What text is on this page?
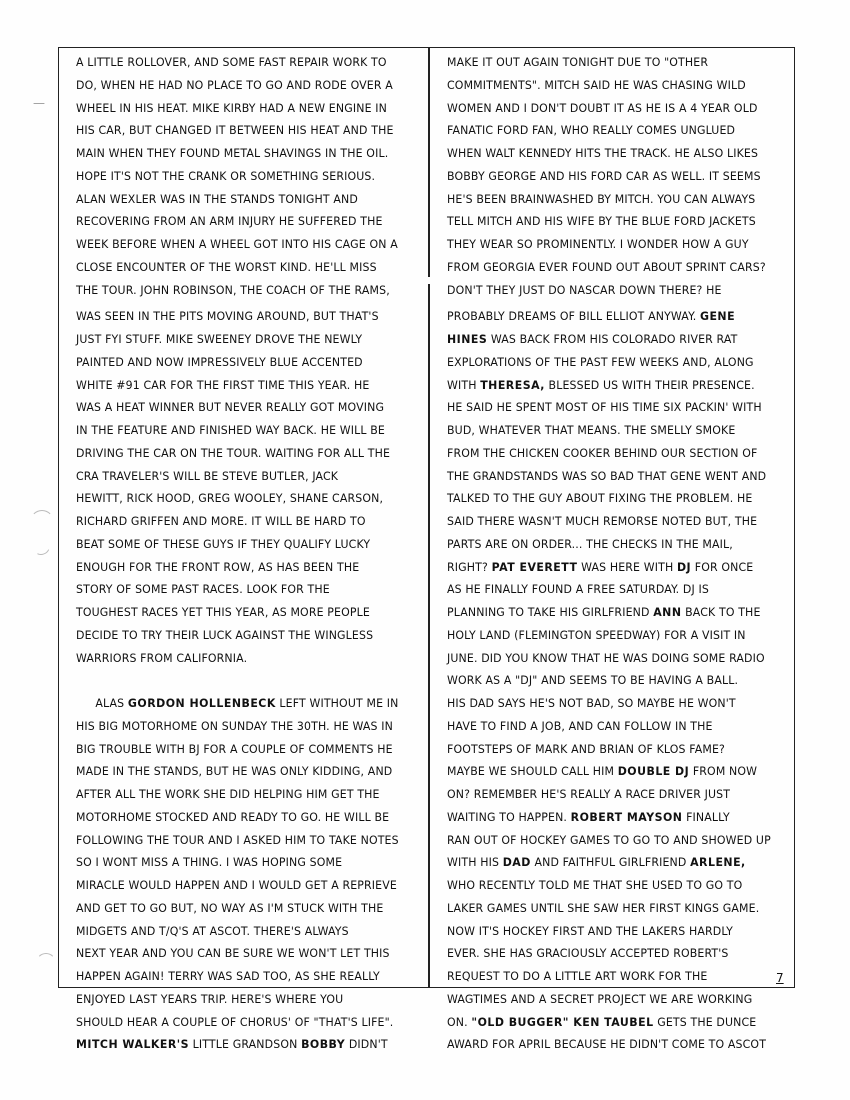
—
A LITTLE ROLLOVER, AND SOME FAST REPAIR WORK TO
DO, WHEN HE HAD NO PLACE TO GO AND RODE OVER A
WHEEL IN HIS HEAT. MIKE KIRBY HAD A NEW ENGINE IN
HIS CAR, BUT CHANGED IT BETWEEN HIS HEAT AND THE
MAIN WHEN THEY FOUND METAL SHAVINGS IN THE OIL.
HOPE IT'S NOT THE CRANK OR SOMETHING SERIOUS.
ALAN WEXLER WAS IN THE STANDS TONIGHT AND
RECOVERING FROM AN ARM INJURY HE SUFFERED THE
WEEK BEFORE WHEN A WHEEL GOT INTO HIS CAGE ON A
CLOSE ENCOUNTER OF THE WORST KIND. HE'LL MISS
THE TOUR. JOHN ROBINSON, THE COACH OF THE RAMS,
WAS SEEN IN THE PITS MOVING AROUND, BUT THAT'S
JUST FYI STUFF. MIKE SWEENEY DROVE THE NEWLY
PAINTED AND NOW IMPRESSIVELY BLUE ACCENTED
WHITE #91 CAR FOR THE FIRST TIME THIS YEAR. HE
WAS A HEAT WINNER BUT NEVER REALLY GOT MOVING
IN THE FEATURE AND FINISHED WAY BACK. HE WILL BE
DRIVING THE CAR ON THE TOUR. WAITING FOR ALL THE
CRA TRAVELER'S WILL BE STEVE BUTLER, JACK
HEWITT, RICK HOOD, GREG WOOLEY, SHANE CARSON,
RICHARD GRIFFEN AND MORE. IT WILL BE HARD TO
BEAT SOME OF THESE GUYS IF THEY QUALIFY LUCKY
ENOUGH FOR THE FRONT ROW, AS HAS BEEN THE
STORY OF SOME PAST RACES. LOOK FOR THE
TOUGHEST RACES YET THIS YEAR, AS MORE PEOPLE
DECIDE TO TRY THEIR LUCK AGAINST THE WINGLESS
WARRIORS FROM CALIFORNIA.
ALAS GORDON HOLLENBECK LEFT WITHOUT ME IN
HIS BIG MOTORHOME ON SUNDAY THE 30TH. HE WAS IN
BIG TROUBLE WITH BJ FOR A COUPLE OF COMMENTS HE
MADE IN THE STANDS, BUT HE WAS ONLY KIDDING, AND
AFTER ALL THE WORK SHE DID HELPING HIM GET THE
MOTORHOME STOCKED AND READY TO GO. HE WILL BE
FOLLOWING THE TOUR AND I ASKED HIM TO TAKE NOTES
SO I WONT MISS A THING. I WAS HOPING SOME
MIRACLE WOULD HAPPEN AND I WOULD GET A REPRIEVE
AND GET TO GO BUT, NO WAY AS I'M STUCK WITH THE
MIDGETS AND T/Q'S AT ASCOT. THERE'S ALWAYS
NEXT YEAR AND YOU CAN BE SURE WE WON'T LET THIS
HAPPEN AGAIN! TERRY WAS SAD TOO, AS SHE REALLY
ENJOYED LAST YEARS TRIP. HERE'S WHERE YOU
SHOULD HEAR A COUPLE OF CHORUS' OF "THAT'S LIFE".
MITCH WALKER'S LITTLE GRANDSON BOBBY DIDN'T
MAKE IT OUT AGAIN TONIGHT DUE TO "OTHER
COMMITMENTS". MITCH SAID HE WAS CHASING WILD
WOMEN AND I DON'T DOUBT IT AS HE IS A 4 YEAR OLD
FANATIC FORD FAN, WHO REALLY COMES UNGLUED
WHEN WALT KENNEDY HITS THE TRACK. HE ALSO LIKES
BOBBY GEORGE AND HIS FORD CAR AS WELL. IT SEEMS
HE'S BEEN BRAINWASHED BY MITCH. YOU CAN ALWAYS
TELL MITCH AND HIS WIFE BY THE BLUE FORD JACKETS
THEY WEAR SO PROMINENTLY. I WONDER HOW A GUY
FROM GEORGIA EVER FOUND OUT ABOUT SPRINT CARS?
DON'T THEY JUST DO NASCAR DOWN THERE? HE
PROBABLY DREAMS OF BILL ELLIOT ANYWAY. GENE
HINES WAS BACK FROM HIS COLORADO RIVER RAT
EXPLORATIONS OF THE PAST FEW WEEKS AND, ALONG
WITH THERESA, BLESSED US WITH THEIR PRESENCE.
HE SAID HE SPENT MOST OF HIS TIME SIX PACKIN' WITH
BUD, WHATEVER THAT MEANS. THE SMELLY SMOKE
FROM THE CHICKEN COOKER BEHIND OUR SECTION OF
THE GRANDSTANDS WAS SO BAD THAT GENE WENT AND
TALKED TO THE GUY ABOUT FIXING THE PROBLEM. HE
SAID THERE WASN'T MUCH REMORSE NOTED BUT, THE
PARTS ARE ON ORDER... THE CHECKS IN THE MAIL,
RIGHT? PAT EVERETT WAS HERE WITH DJ FOR ONCE
AS HE FINALLY FOUND A FREE SATURDAY. DJ IS
PLANNING TO TAKE HIS GIRLFRIEND ANN BACK TO THE
HOLY LAND (FLEMINGTON SPEEDWAY) FOR A VISIT IN
JUNE. DID YOU KNOW THAT HE WAS DOING SOME RADIO
WORK AS A "DJ" AND SEEMS TO BE HAVING A BALL.
HIS DAD SAYS HE'S NOT BAD, SO MAYBE HE WON'T
HAVE TO FIND A JOB, AND CAN FOLLOW IN THE
FOOTSTEPS OF MARK AND BRIAN OF KLOS FAME?
MAYBE WE SHOULD CALL HIM DOUBLE DJ FROM NOW
ON? REMEMBER HE'S REALLY A RACE DRIVER JUST
WAITING TO HAPPEN. ROBERT MAYSON FINALLY
RAN OUT OF HOCKEY GAMES TO GO TO AND SHOWED UP
WITH HIS DAD AND FAITHFUL GIRLFRIEND ARLENE,
WHO RECENTLY TOLD ME THAT SHE USED TO GO TO
LAKER GAMES UNTIL SHE SAW HER FIRST KINGS GAME.
NOW IT'S HOCKEY FIRST AND THE LAKERS HARDLY
EVER. SHE HAS GRACIOUSLY ACCEPTED ROBERT'S
REQUEST TO DO A LITTLE ART WORK FOR THE
WAGTIMES AND A SECRET PROJECT WE ARE WORKING
ON. "OLD BUGGER" KEN TAUBEL GETS THE DUNCE
AWARD FOR APRIL BECAUSE HE DIDN'T COME TO ASCOT
7
